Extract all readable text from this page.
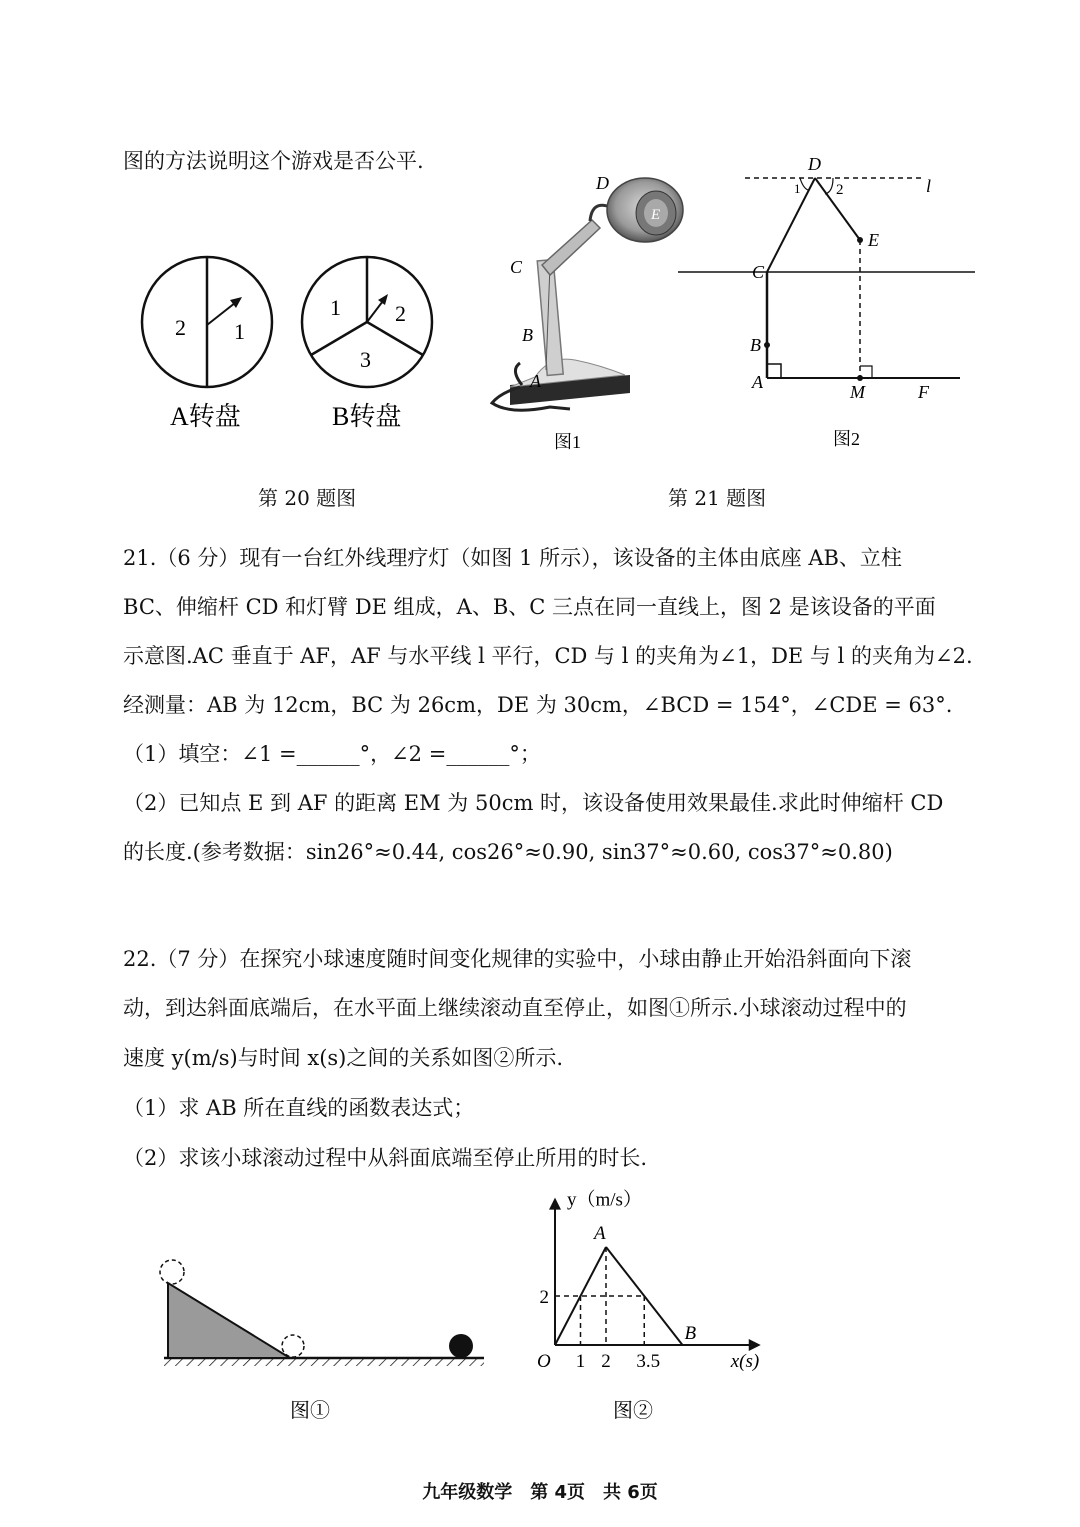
图的方法说明这个游戏是否公平.
2 1
A转盘
1 2
3
B转盘
D
E
C
B
A
图1
D
l
1 2
E
C
B
A	M	F
图2
第 20 题图	第 21 题图
21.（6 分）现有一台红外线理疗灯（如图 1 所示），该设备的主体由底座 AB、立柱
BC、伸缩杆 CD 和灯臂 DE 组成，A、B、C 三点在同一直线上，图 2 是该设备的平面
示意图.AC 垂直于 AF，AF 与水平线 l 平行，CD 与 l 的夹角为∠1，DE 与 l 的夹角为∠2.
经测量：AB 为 12cm，BC 为 26cm，DE 为 30cm，∠BCD = 154°，∠CDE = 63°.
（1）填空：∠1 =______°，∠2 =______°；
（2）已知点 E 到 AF 的距离 EM 为 50cm 时，该设备使用效果最佳.求此时伸缩杆 CD
的长度.(参考数据：sin26°≈0.44, cos26°≈0.90, sin37°≈0.60, cos37°≈0.80)
22.（7 分）在探究小球速度随时间变化规律的实验中，小球由静止开始沿斜面向下滚
动，到达斜面底端后，在水平面上继续滚动直至停止，如图①所示.小球滚动过程中的
速度 y(m/s)与时间 x(s)之间的关系如图②所示.
（1）求 AB 所在直线的函数表达式；
（2）求该小球滚动过程中从斜面底端至停止所用的时长.
图①
y（m/s）
x(s)
O
A
B
1 2 3.5
2
图②
九年级数学　第 4页　共 6页
